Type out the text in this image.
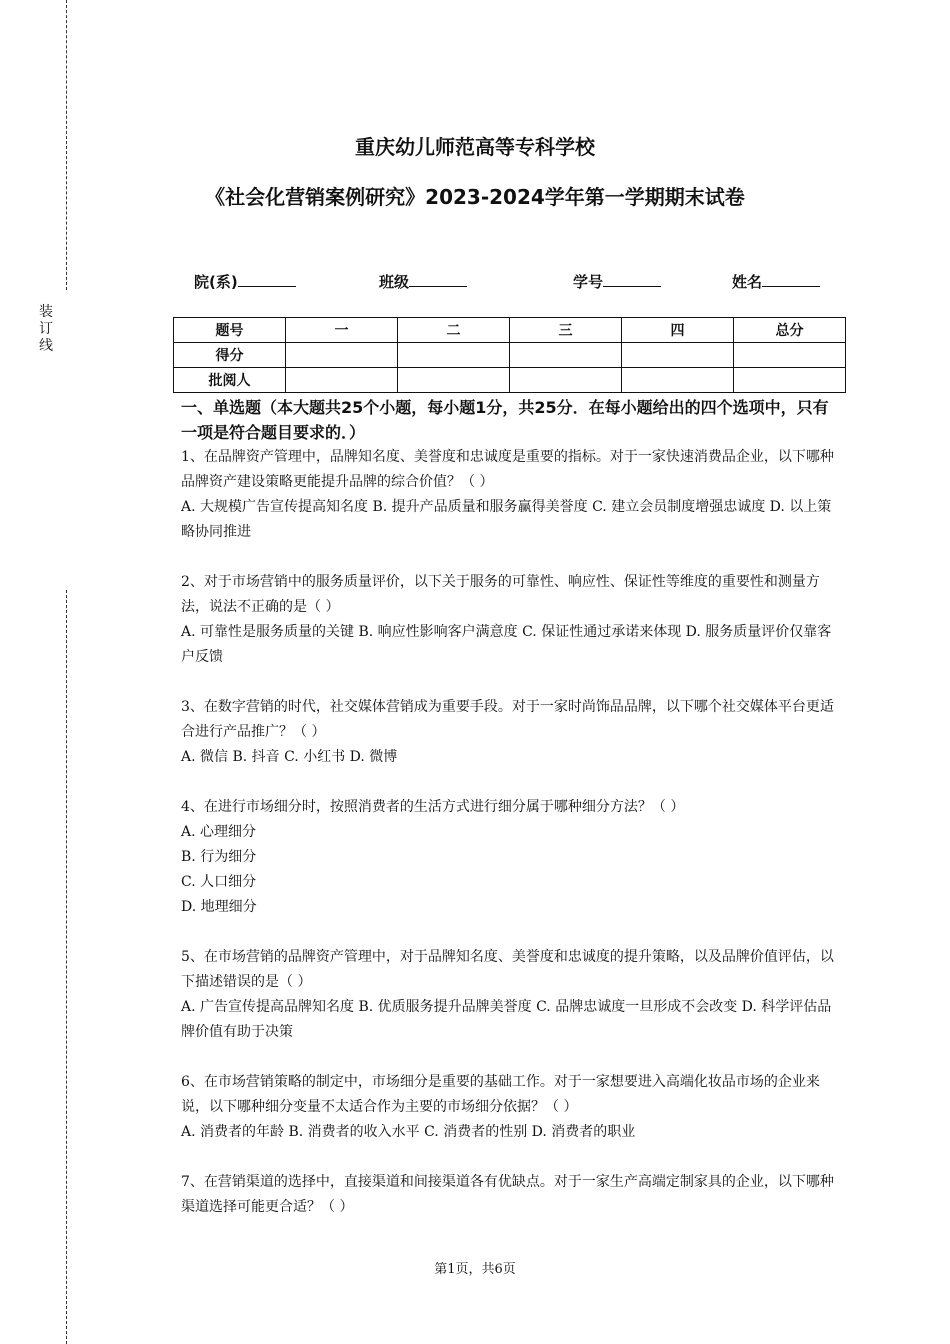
装
订
线
重庆幼儿师范高等专科学校
《社会化营销案例研究》2023-2024学年第一学期期末试卷
院(系)	班级	学号	姓名
题号	一	二	三	四	总分
得分					
批阅人					

一、单选题（本大题共25个小题，每小题1分，共25分．在每小题给出的四个选项中，只有一项是符合题目要求的．）

1、在品牌资产管理中，品牌知名度、美誉度和忠诚度是重要的指标。对于一家快速消费品企业，以下哪种品牌资产建设策略更能提升品牌的综合价值？（ ）

A. 大规模广告宣传提高知名度 B. 提升产品质量和服务赢得美誉度 C. 建立会员制度增强忠诚度 D. 以上策略协同推进

2、对于市场营销中的服务质量评价，以下关于服务的可靠性、响应性、保证性等维度的重要性和测量方法，说法不正确的是（ ）

A. 可靠性是服务质量的关键 B. 响应性影响客户满意度 C. 保证性通过承诺来体现 D. 服务质量评价仅靠客户反馈

3、在数字营销的时代，社交媒体营销成为重要手段。对于一家时尚饰品品牌，以下哪个社交媒体平台更适合进行产品推广？（ ）

A. 微信 B. 抖音 C. 小红书 D. 微博

4、在进行市场细分时，按照消费者的生活方式进行细分属于哪种细分方法？（ ）

A. 心理细分

B. 行为细分

C. 人口细分

D. 地理细分

5、在市场营销的品牌资产管理中，对于品牌知名度、美誉度和忠诚度的提升策略，以及品牌价值评估，以下描述错误的是（ ）

A. 广告宣传提高品牌知名度 B. 优质服务提升品牌美誉度 C. 品牌忠诚度一旦形成不会改变 D. 科学评估品牌价值有助于决策

6、在市场营销策略的制定中，市场细分是重要的基础工作。对于一家想要进入高端化妆品市场的企业来说，以下哪种细分变量不太适合作为主要的市场细分依据？（ ）

A. 消费者的年龄 B. 消费者的收入水平 C. 消费者的性别 D. 消费者的职业

7、在营销渠道的选择中，直接渠道和间接渠道各有优缺点。对于一家生产高端定制家具的企业，以下哪种渠道选择可能更合适？（ ）

第1页，共6页
